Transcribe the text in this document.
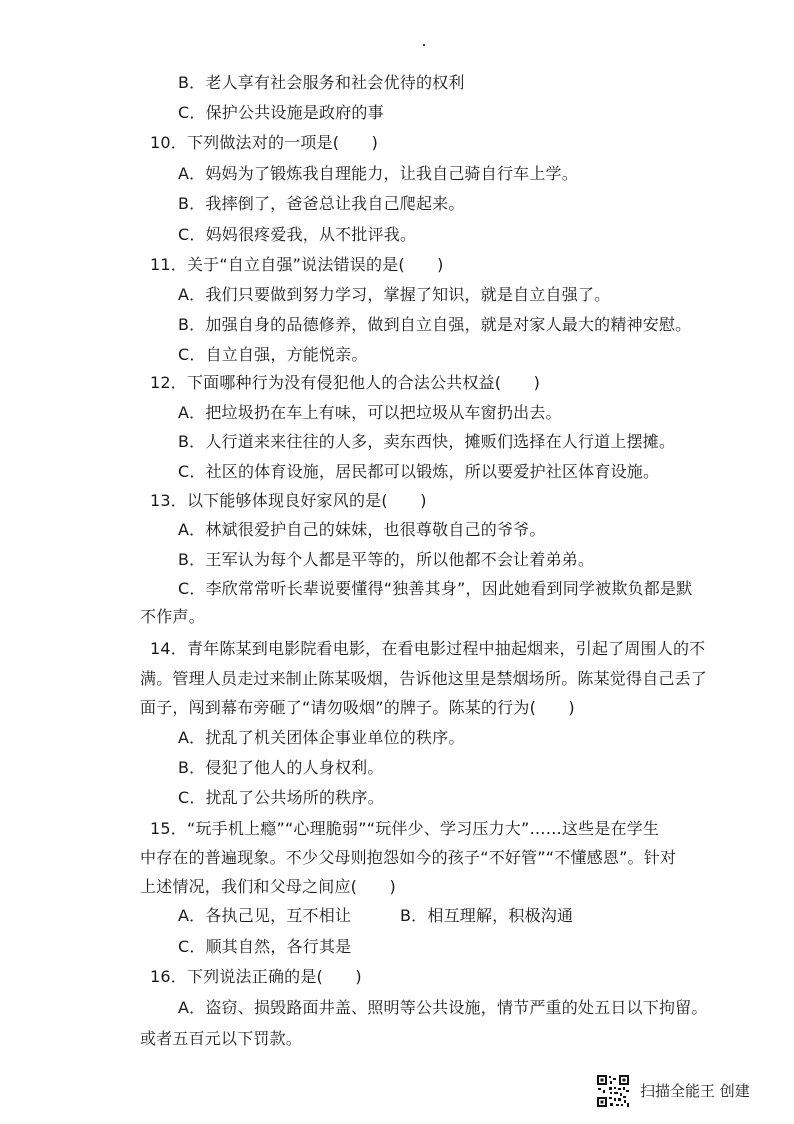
B．老人享有社会服务和社会优待的权利
C．保护公共设施是政府的事
10．下列做法对的一项是(　　)
A．妈妈为了锻炼我自理能力，让我自己骑自行车上学。
B．我摔倒了，爸爸总让我自己爬起来。
C．妈妈很疼爱我，从不批评我。
11．关于“自立自强”说法错误的是(　　)
A．我们只要做到努力学习，掌握了知识，就是自立自强了。
B．加强自身的品德修养，做到自立自强，就是对家人最大的精神安慰。
C．自立自强，方能悦亲。
12．下面哪种行为没有侵犯他人的合法公共权益(　　)
A．把垃圾扔在车上有味，可以把垃圾从车窗扔出去。
B．人行道来来往往的人多，卖东西快，摊贩们选择在人行道上摆摊。
C．社区的体育设施，居民都可以锻炼，所以要爱护社区体育设施。
13．以下能够体现良好家风的是(　　)
A．林斌很爱护自己的妹妹，也很尊敬自己的爷爷。
B．王军认为每个人都是平等的，所以他都不会让着弟弟。
C．李欣常常听长辈说要懂得“独善其身”，因此她看到同学被欺负都是默
不作声。
14．青年陈某到电影院看电影，在看电影过程中抽起烟来，引起了周围人的不
满。管理人员走过来制止陈某吸烟，告诉他这里是禁烟场所。陈某觉得自己丢了
面子，闯到幕布旁砸了“请勿吸烟”的牌子。陈某的行为(　　)
A．扰乱了机关团体企事业单位的秩序。
B．侵犯了他人的人身权利。
C．扰乱了公共场所的秩序。
15．“玩手机上瘾”“心理脆弱”“玩伴少、学习压力大”……这些是在学生
中存在的普遍现象。不少父母则抱怨如今的孩子“不好管”“不懂感恩”。针对
上述情况，我们和父母之间应(　　)
A．各执己见，互不相让	B．相互理解，积极沟通
C．顺其自然，各行其是
16．下列说法正确的是(　　)
A．盗窃、损毁路面井盖、照明等公共设施，情节严重的处五日以下拘留。
或者五百元以下罚款。
扫描全能王 创建
